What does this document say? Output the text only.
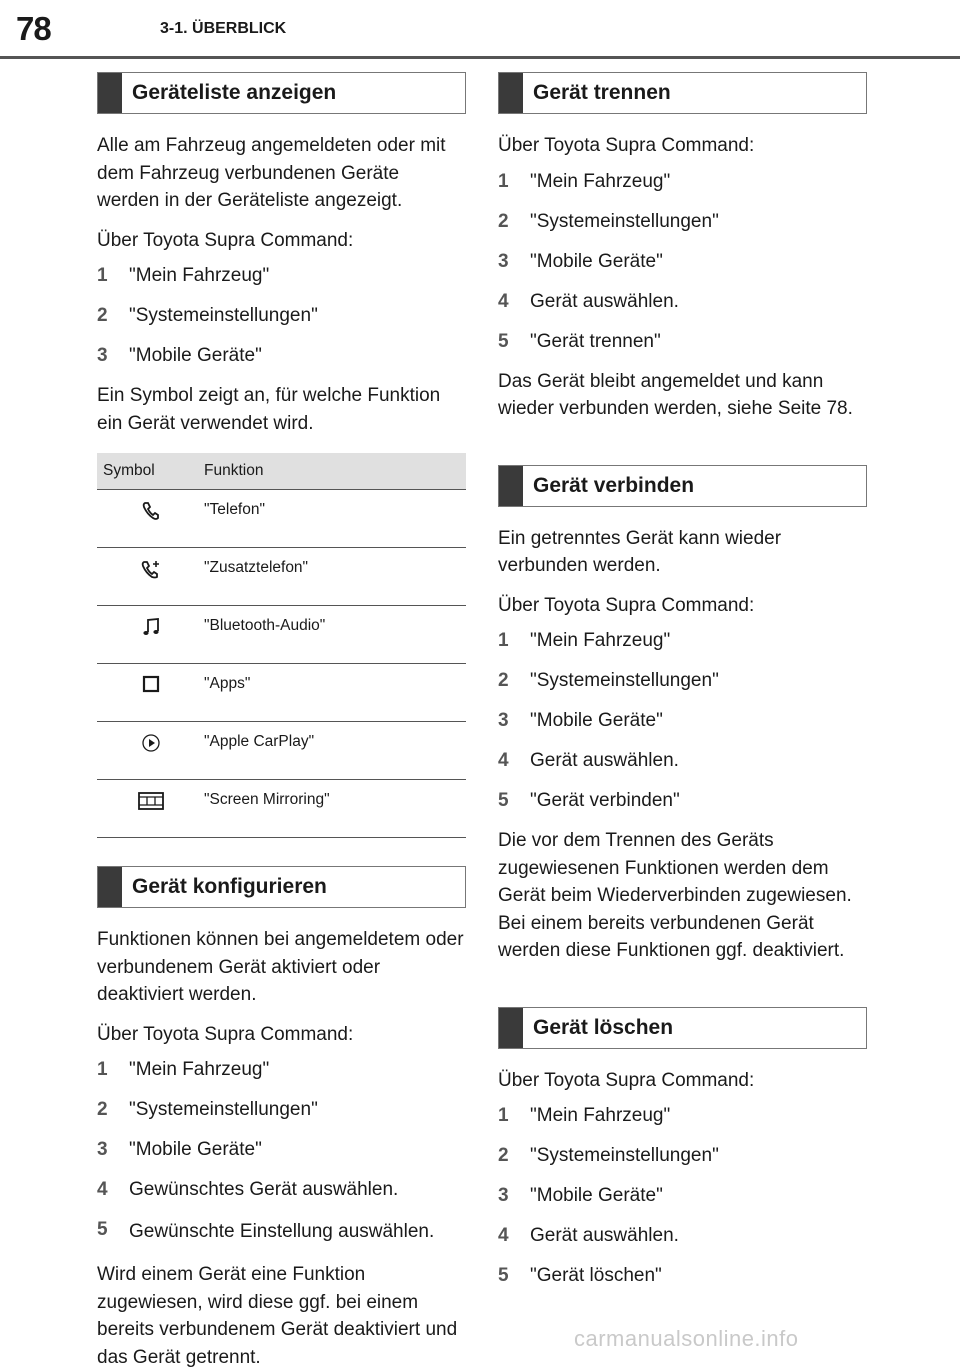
78	3-1. ÜBERBLICK
Geräteliste anzeigen

Alle am Fahrzeug angemeldeten oder mit dem Fahrzeug verbundenen Geräte werden in der Geräteliste angezeigt.

Über Toyota Supra Command:

1	"Mein Fahrzeug"
2	"Systemeinstellungen"
3	"Mobile Geräte"

Ein Symbol zeigt an, für welche Funktion ein Gerät verwendet wird.

Symbol	Funktion
	"Telefon"
	"Zusatztelefon"
	"Bluetooth-Audio"
	"Apps"
	"Apple CarPlay"
	"Screen Mirroring"
Gerät konfigurieren

Funktionen können bei angemeldetem oder verbundenem Gerät aktiviert oder deaktiviert werden.

Über Toyota Supra Command:

1	"Mein Fahrzeug"
2	"Systemeinstellungen"
3	"Mobile Geräte"
4	Gewünschtes Gerät auswählen.
5	Gewünschte Einstellung auswählen.

Wird einem Gerät eine Funktion zugewiesen, wird diese ggf. bei einem bereits verbundenem Gerät deaktiviert und das Gerät getrennt.

Gerät trennen

Über Toyota Supra Command:

1	"Mein Fahrzeug"
2	"Systemeinstellungen"
3	"Mobile Geräte"
4	Gerät auswählen.
5	"Gerät trennen"

Das Gerät bleibt angemeldet und kann wieder verbunden werden, siehe Seite 78.

Gerät verbinden

Ein getrenntes Gerät kann wieder verbunden werden.

Über Toyota Supra Command:

1	"Mein Fahrzeug"
2	"Systemeinstellungen"
3	"Mobile Geräte"
4	Gerät auswählen.
5	"Gerät verbinden"

Die vor dem Trennen des Geräts zugewiesenen Funktionen werden dem Gerät beim Wiederverbinden zugewiesen. Bei einem bereits verbundenen Gerät werden diese Funktionen ggf. deaktiviert.

Gerät löschen

Über Toyota Supra Command:

1	"Mein Fahrzeug"
2	"Systemeinstellungen"
3	"Mobile Geräte"
4	Gerät auswählen.
5	"Gerät löschen"
carmanualsonline.info
